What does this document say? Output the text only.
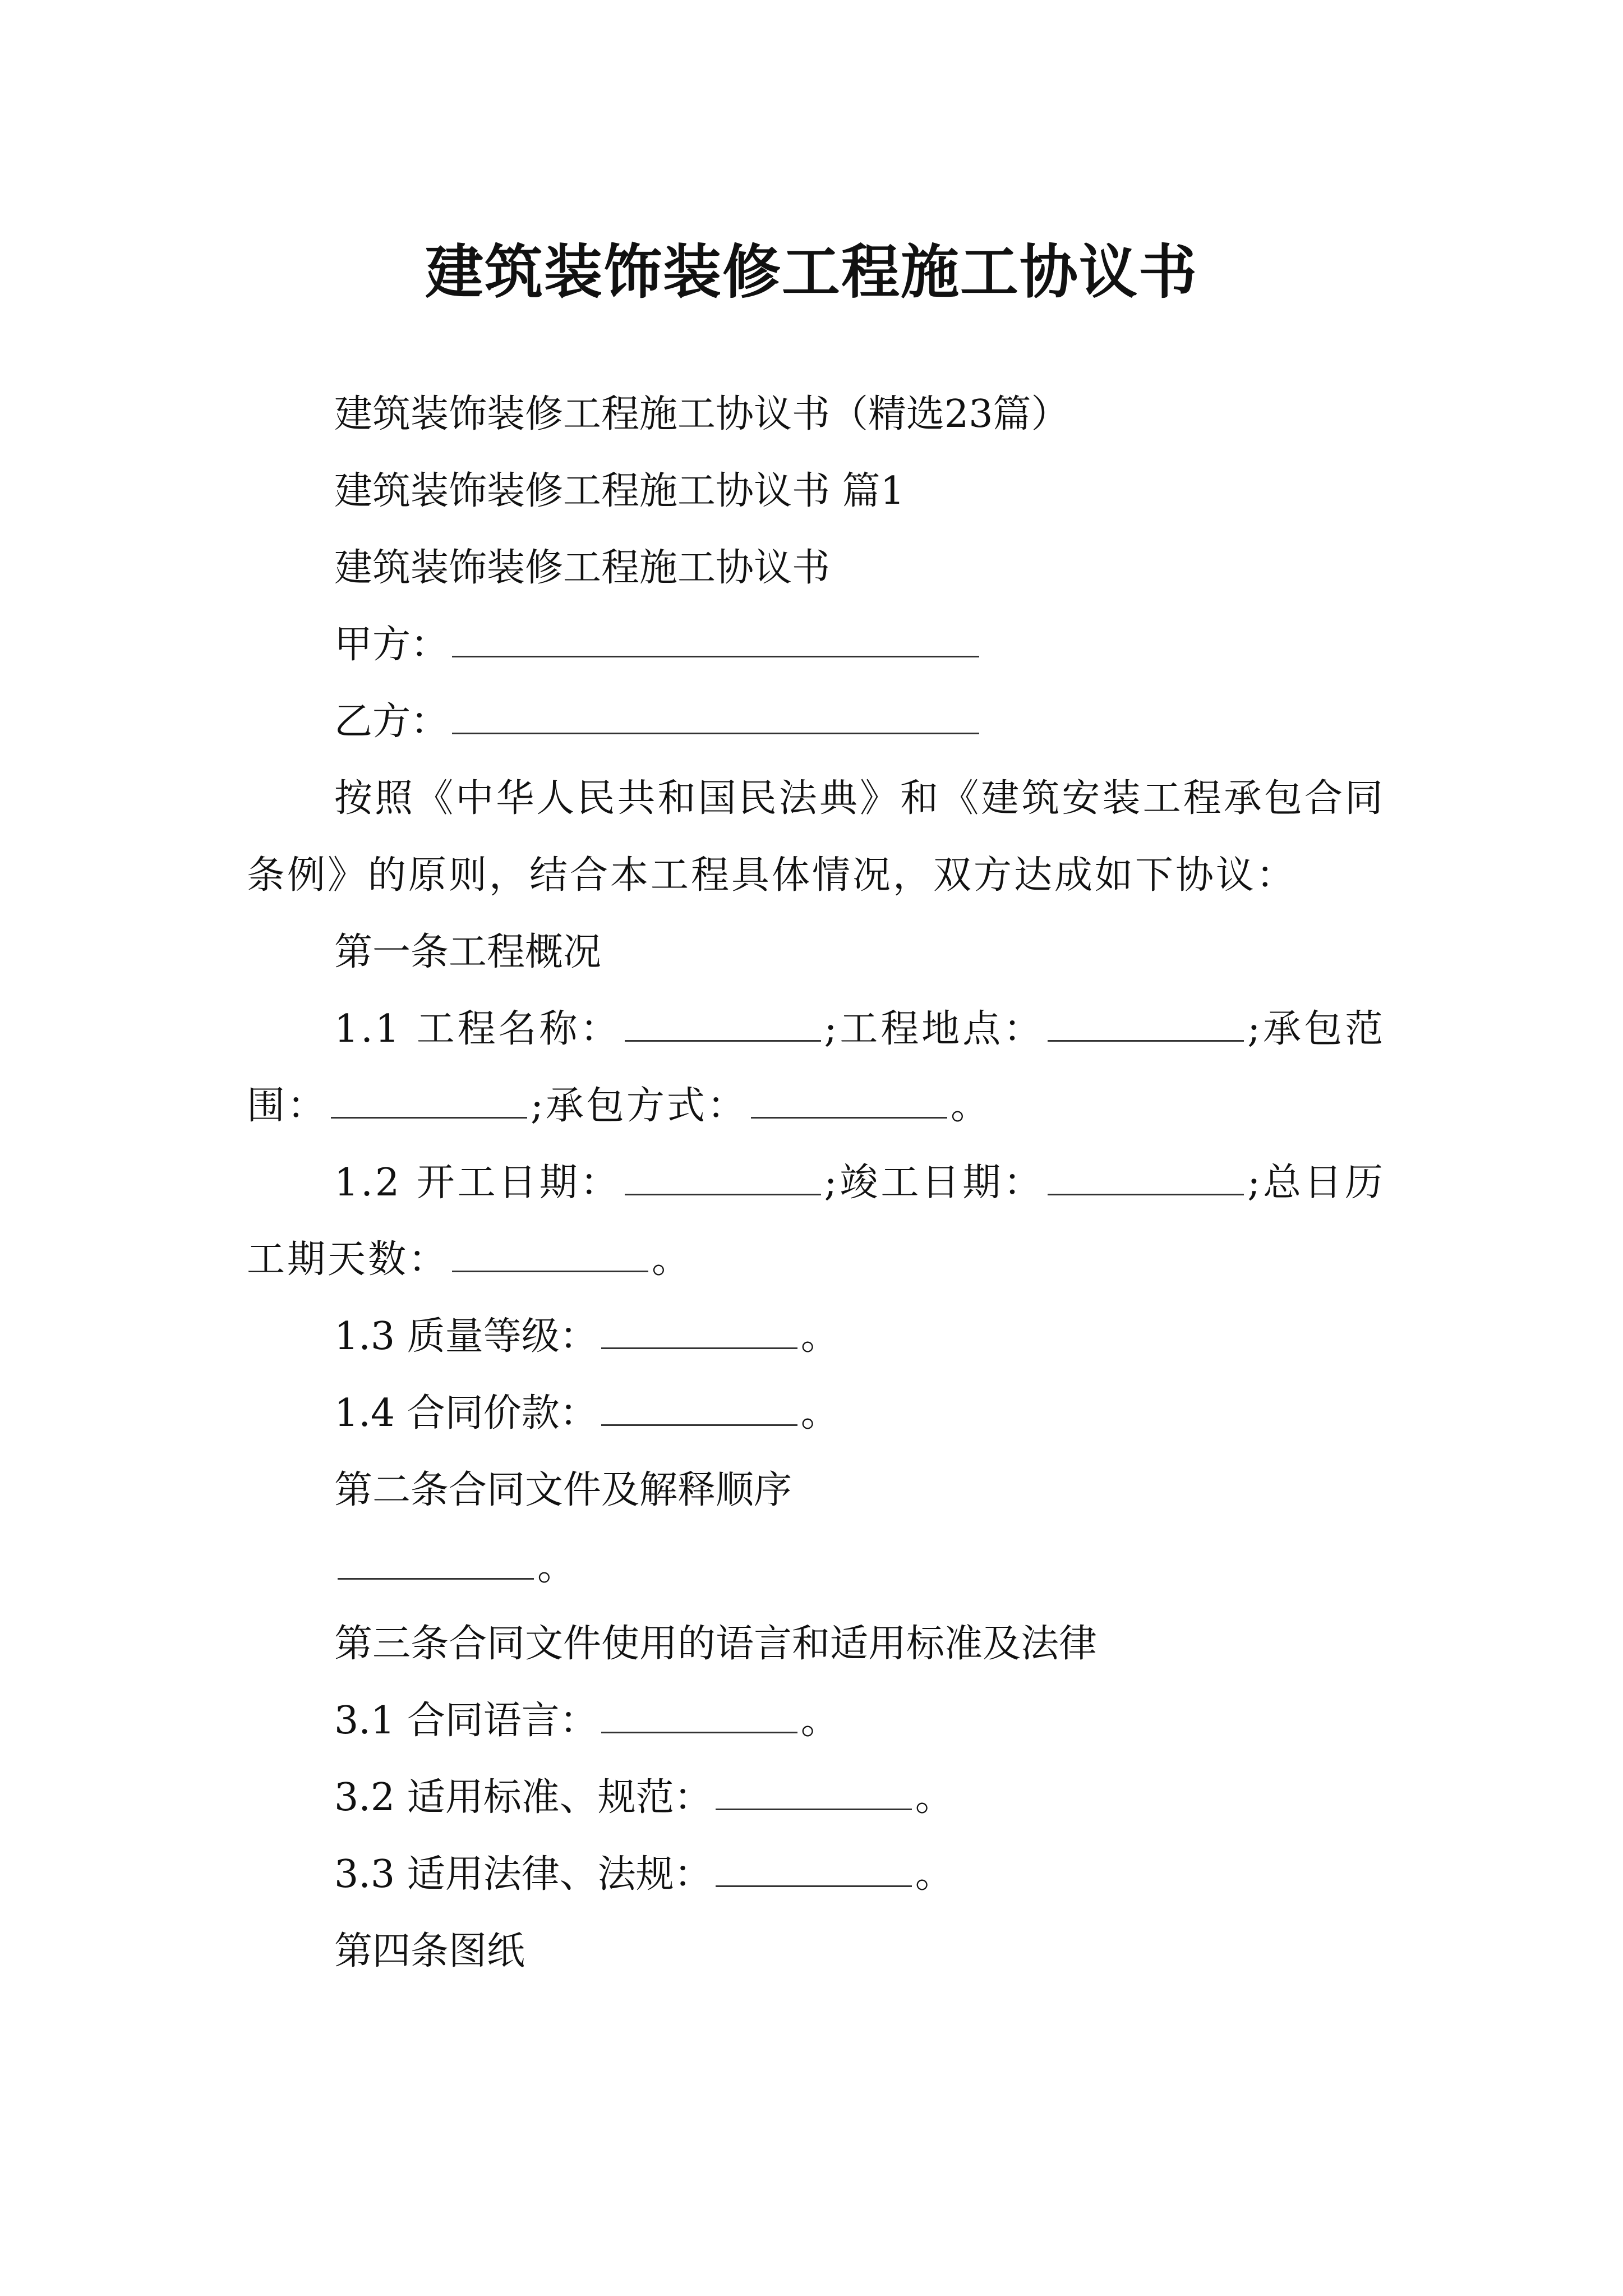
建筑装饰装修工程施工协议书

建筑装饰装修工程施工协议书（精选23篇）

建筑装饰装修工程施工协议书 篇1

建筑装饰装修工程施工协议书

甲方：

乙方：

按照《中华人民共和国民法典》和《建筑安装工程承包合同条例》的原则，结合本工程具体情况，双方达成如下协议：

第一条工程概况

1.1 工程名称：	;工程地点：	;承包范围：	;承包方式：	。

1.2 开工日期：	;竣工日期：	;总日历工期天数：	。

1.3 质量等级：	。

1.4 合同价款：	。

第二条合同文件及解释顺序

。

第三条合同文件使用的语言和适用标准及法律

3.1 合同语言：	。

3.2 适用标准、规范：	。

3.3 适用法律、法规：	。

第四条图纸
